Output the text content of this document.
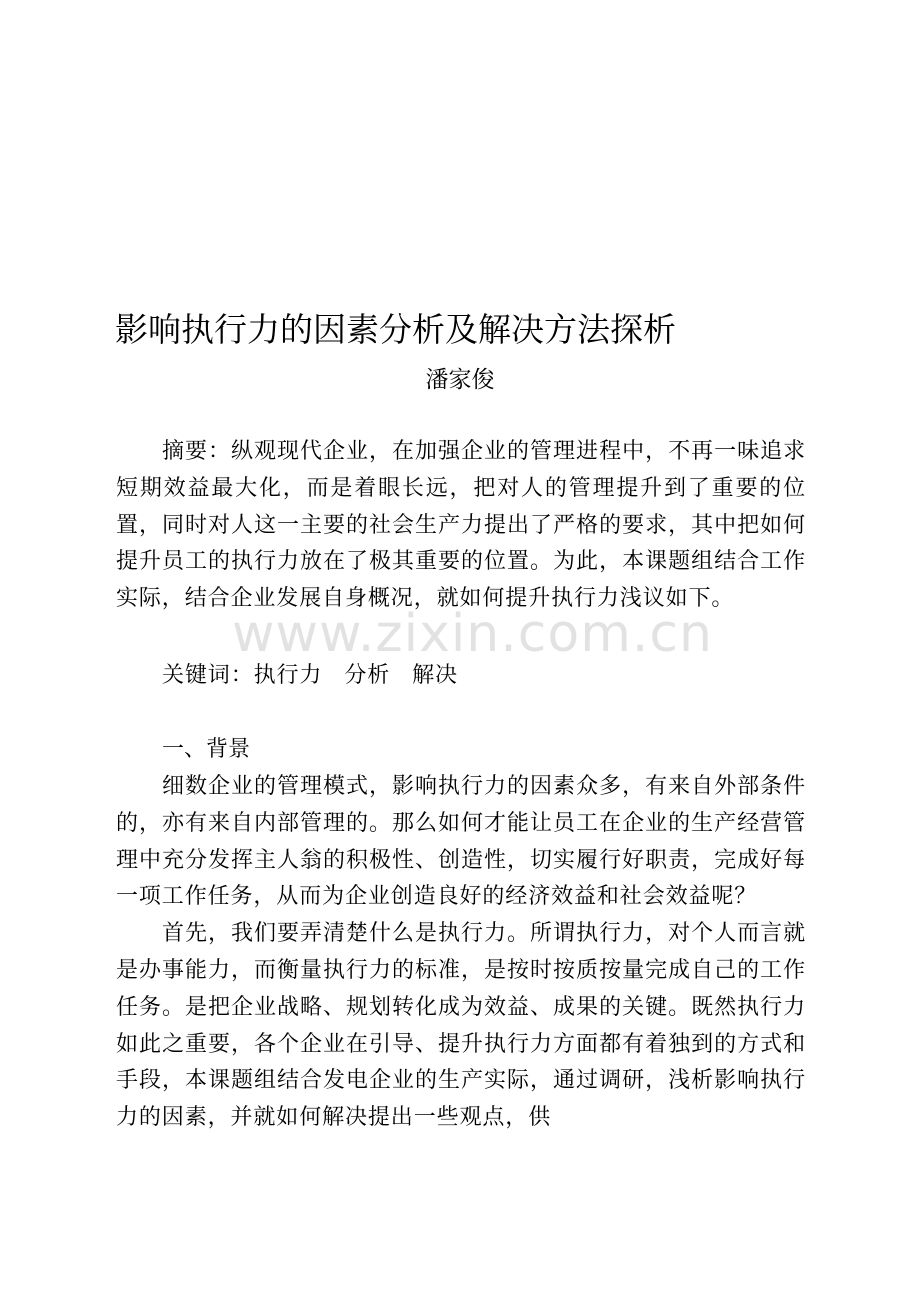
影响执行力的因素分析及解决方法探析
潘家俊

摘要：纵观现代企业，在加强企业的管理进程中，不再一味追求短期效益最大化，而是着眼长远，把对人的管理提升到了重要的位置，同时对人这一主要的社会生产力提出了严格的要求，其中把如何提升员工的执行力放在了极其重要的位置。为此，本课题组结合工作实际，结合企业发展自身概况，就如何提升执行力浅议如下。

关键词：执行力 分析 解决

一、背景

细数企业的管理模式，影响执行力的因素众多，有来自外部条件的，亦有来自内部管理的。那么如何才能让员工在企业的生产经营管理中充分发挥主人翁的积极性、创造性，切实履行好职责，完成好每一项工作任务，从而为企业创造良好的经济效益和社会效益呢？

首先，我们要弄清楚什么是执行力。所谓执行力，对个人而言就是办事能力，而衡量执行力的标准，是按时按质按量完成自己的工作任务。是把企业战略、规划转化成为效益、成果的关键。既然执行力如此之重要，各个企业在引导、提升执行力方面都有着独到的方式和手段，本课题组结合发电企业的生产实际，通过调研，浅析影响执行力的因素，并就如何解决提出一些观点，供

www.zixin.com.cn
